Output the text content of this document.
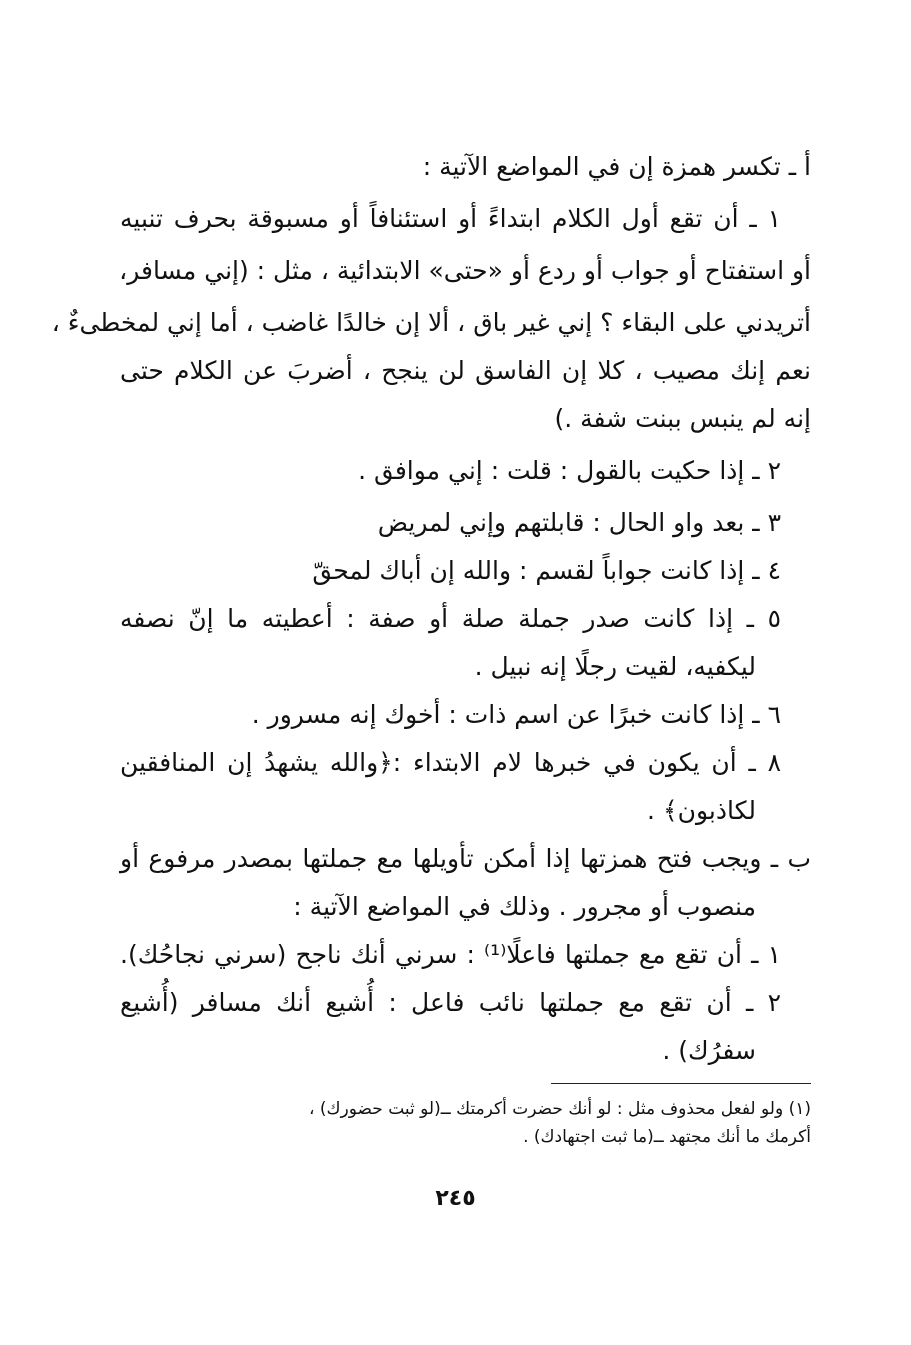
أ ـ تكسر همزة إن في المواضع الآتية :
١ ـ أن تقع أول الكلام ابتداءً أو استئنافاً أو مسبوقة بحرف تنبيه
أو استفتاح أو جواب أو ردع أو «حتى» الابتدائية ، مثل : (إني مسافر،
أتريدني على البقاء ؟ إني غير باق ، ألا إن خالدًا غاضب ، أما إني لمخطىءٌ ،
نعم إنك مصيب ، كلا إن الفاسق لن ينجح ، أضربَ عن الكلام حتى
إنه لم ينبس ببنت شفة .)
٢ ـ إذا حكيت بالقول : قلت : إني موافق .
٣ ـ بعد واو الحال : قابلتهم وإني لمريض
٤ ـ إذا كانت جواباً لقسم : والله إن أباك لمحقّ
٥ ـ إذا كانت صدر جملة صلة أو صفة : أعطيته ما إنّ نصفه
ليكفيه، لقيت رجلًا إنه نبيل .
٦ ـ إذا كانت خبرًا عن اسم ذات : أخوك إنه مسرور .
٨ ـ أن يكون في خبرها لام الابتداء :﴿والله يشهدُ إن المنافقين
لكاذبون﴾ .
ب ـ ويجب فتح همزتها إذا أمكن تأويلها مع جملتها بمصدر مرفوع أو
منصوب أو مجرور . وذلك في المواضع الآتية :
١ ـ أن تقع مع جملتها فاعلًا⁽¹⁾ : سرني أنك ناجح (سرني نجاحُك).
٢ ـ أن تقع مع جملتها نائب فاعل : أُشيع أنك مسافر (أُشيع
سفرُك) .
(١) ولو لفعل محذوف مثل : لو أنك حضرت أكرمتك ــ(لو ثبت حضورك) ،
أكرمك ما أنك مجتهد ــ(ما ثبت اجتهادك) .
٢٤٥
